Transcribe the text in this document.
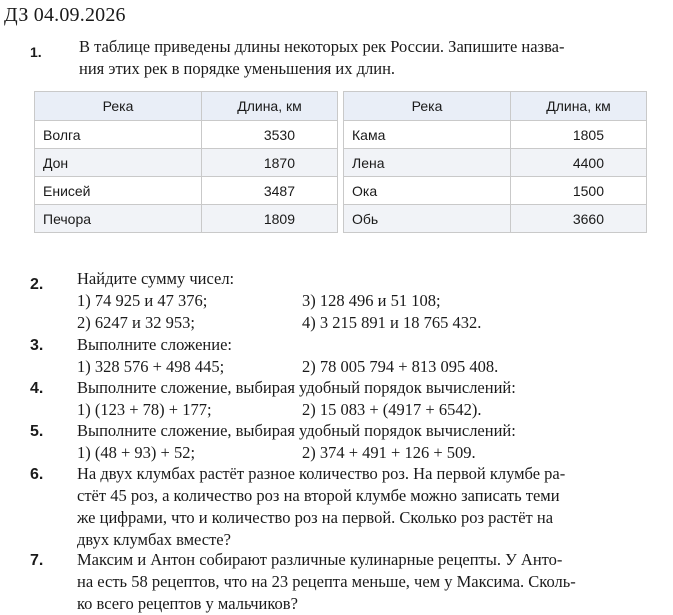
ДЗ 04.09.2026
1. В таблице приведены длины некоторых рек России. Запишите назва-
ния этих рек в порядке уменьшения их длин.
Река	Длина, км
Волга	3530
Дон	1870
Енисей	3487
Печора	1809
Река	Длина, км
Кама	1805
Лена	4400
Ока	1500
Обь	3660
2. Найдите сумму чисел:
1) 74 925 и 47 376;	3) 128 496 и 51 108;
2) 6247 и 32 953;	4) 3 215 891 и 18 765 432.
3. Выполните сложение:
1) 328 576 + 498 445;	2) 78 005 794 + 813 095 408.
4. Выполните сложение, выбирая удобный порядок вычислений:
1) (123 + 78) + 177;	2) 15 083 + (4917 + 6542).
5. Выполните сложение, выбирая удобный порядок вычислений:
1) (48 + 93) + 52;	2) 374 + 491 + 126 + 509.
6. На двух клумбах растёт разное количество роз. На первой клумбе ра-
стёт 45 роз, а количество роз на второй клумбе можно записать теми
же цифрами, что и количество роз на первой. Сколько роз растёт на
двух клумбах вместе?
7. Максим и Антон собирают различные кулинарные рецепты. У Анто-
на есть 58 рецептов, что на 23 рецепта меньше, чем у Максима. Сколь-
ко всего рецептов у мальчиков?
